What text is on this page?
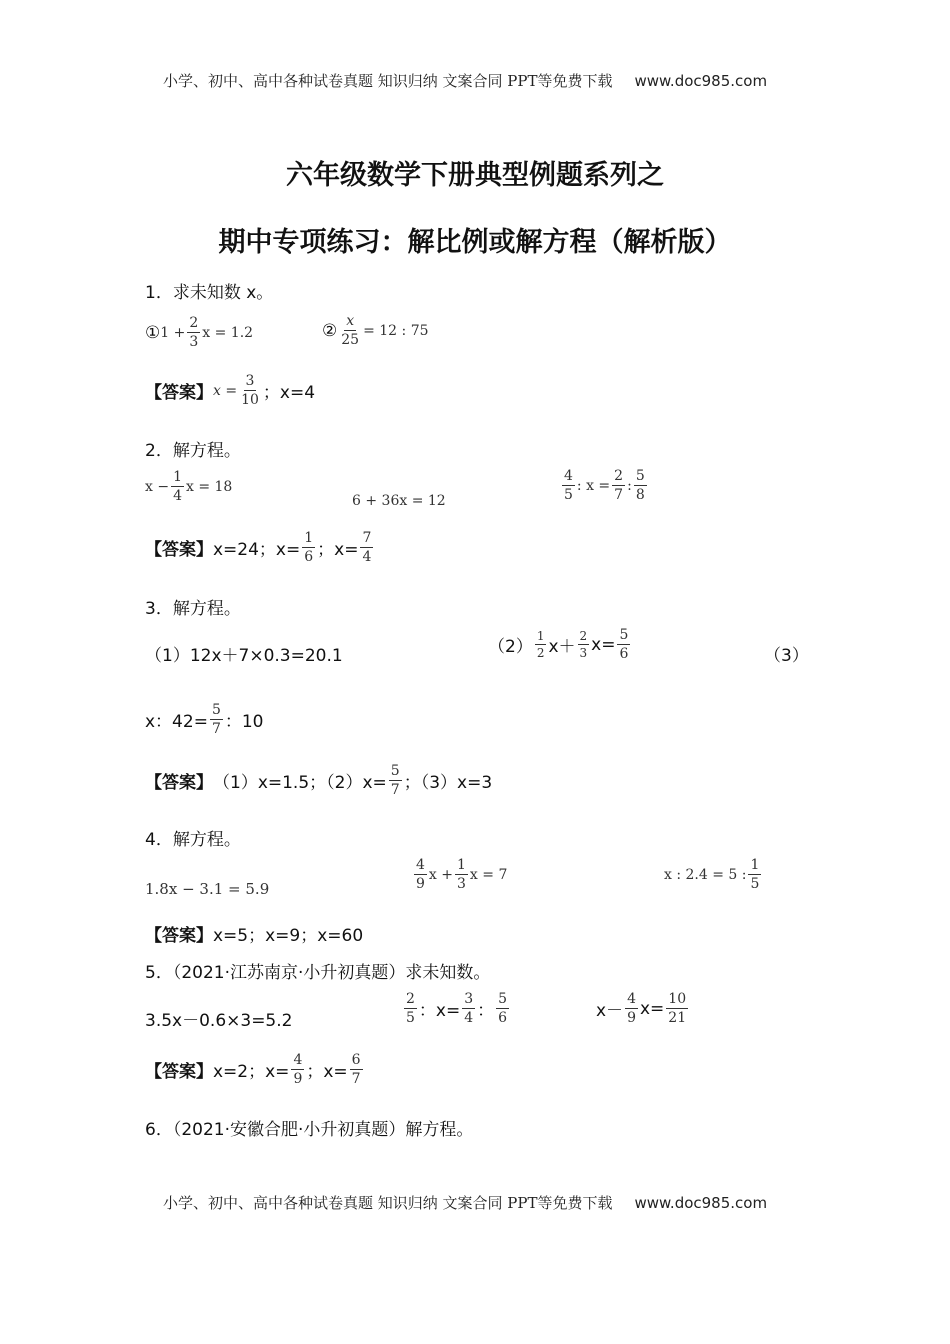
小学、初中、高中各种试卷真题 知识归纳 文案合同 PPT等免费下载 www.doc985.com
六年级数学下册典型例题系列之
期中专项练习：解比例或解方程（解析版）
1．求未知数 x。
① $1 + \frac{2}{3}$ x = 1.2	② $\frac{x}{25} = 12$ : 75
【答案】 $x = \frac{3}{10}$ ；x=4
2．解方程。
$x - \frac{1}{4}$ x = 18
6 + 36x = 12	$\frac{4}{5}$ : $x = \frac{2}{7}$ : $\frac{5}{8}$
【答案】 x=24；$x= \frac{1}{6}$ ；$x= \frac{7}{4}$
3．解方程。
（1）12x＋7×0.3=20.1	$(2) \frac{1}{2} x+ \frac{2}{3} x= \frac{5}{6}$	（3）
x：$42= \frac{5}{7}$ ：10
【答案】 （1）x=1.5；$(2)x= \frac{5}{7}$ ；（3）x=3
4．解方程。
1.8x − 3.1 = 5.9	$\frac{4}{9}$ $x + \frac{1}{3}$ x = 7	x : 2.4 = 5 : $\frac{1}{5}$
【答案】x=5；x=9；x=60
5．（2021·江苏南京·小升初真题）求未知数。
3.5x－0.6×3=5.2	$\frac{2}{5}$ ：$x= \frac{3}{4}$ ： $\frac{5}{6}$	$x- \frac{4}{9} x= \frac{10}{21}$
【答案】 x=2；$x= \frac{4}{9}$ ；$x= \frac{6}{7}$
6．（2021·安徽合肥·小升初真题）解方程。
小学、初中、高中各种试卷真题 知识归纳 文案合同 PPT等免费下载 www.doc985.com
